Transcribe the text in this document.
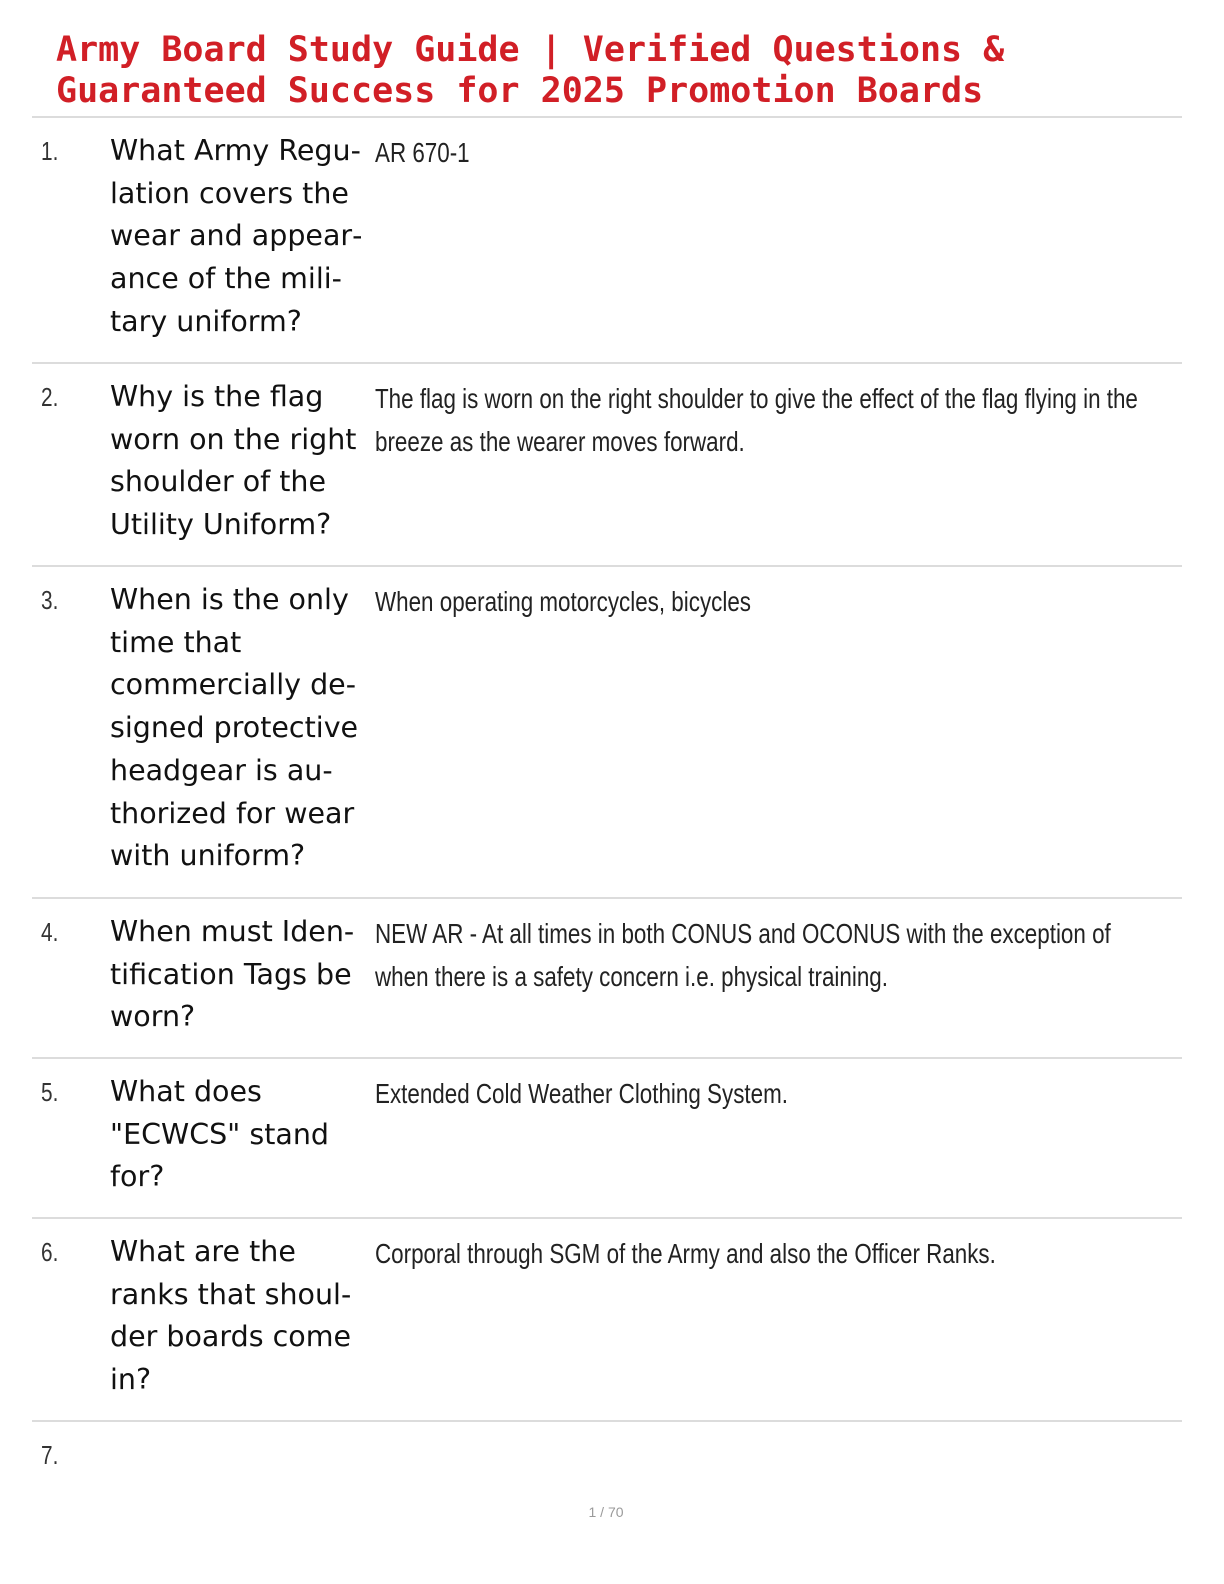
Army Board Study Guide | Verified Questions &
Guaranteed Success for 2025 Promotion Boards
1. What Army Regulation covers the wear and appearance of the military uniform?
AR 670-1
2. Why is the flag worn on the right shoulder of the Utility Uniform?
The flag is worn on the right shoulder to give the effect of the flag flying in the breeze as the wearer moves forward.
3. When is the only time that commercially designed protective headgear is authorized for wear with uniform?
When operating motorcycles, bicycles
4. When must Identification Tags be worn?
NEW AR - At all times in both CONUS and OCONUS with the exception of when there is a safety concern i.e. physical training.
5. What does "ECWCS" stand for?
Extended Cold Weather Clothing System.
6. What are the ranks that shoulder boards come in?
Corporal through SGM of the Army and also the Officer Ranks.
7.
1 / 70
